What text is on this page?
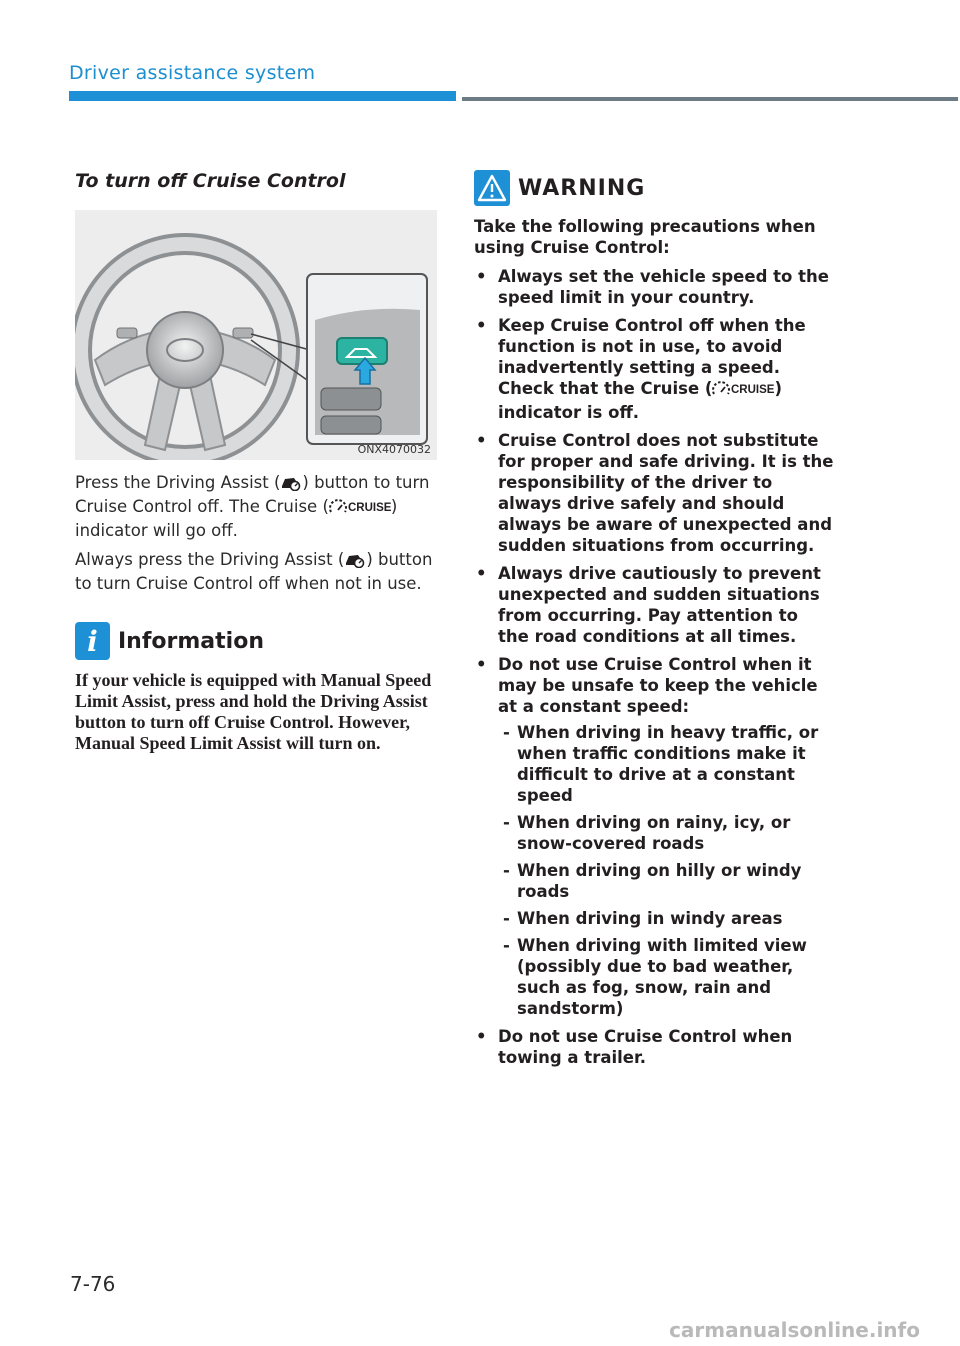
Driver assistance system
To turn off Cruise Control
ONX4070032

Press the Driving Assist ( ) button to turn Cruise Control off. The Cruise ( CRUISE ) indicator will go off.

Always press the Driving Assist ( ) button to turn Cruise Control off when not in use.

i Information
If your vehicle is equipped with Manual Speed Limit Assist, press and hold the Driving Assist button to turn off Cruise Control. However, Manual Speed Limit Assist will turn on.
WARNING

Take the following precautions when using Cruise Control:

• Always set the vehicle speed to the speed limit in your country.
• Keep Cruise Control off when the function is not in use, to avoid inadvertently setting a speed. Check that the Cruise ( CRUISE ) indicator is off.
• Cruise Control does not substitute for proper and safe driving. It is the responsibility of the driver to always drive safely and should always be aware of unexpected and sudden situations from occurring.
• Always drive cautiously to prevent unexpected and sudden situations from occurring. Pay attention to the road conditions at all times.
• Do not use Cruise Control when it may be unsafe to keep the vehicle at a constant speed:
- When driving in heavy traffic, or when traffic conditions make it difficult to drive at a constant speed
- When driving on rainy, icy, or snow-covered roads
- When driving on hilly or windy roads
- When driving in windy areas
- When driving with limited view (possibly due to bad weather, such as fog, snow, rain and sandstorm)
• Do not use Cruise Control when towing a trailer.
7-76
carmanualsonline.info
